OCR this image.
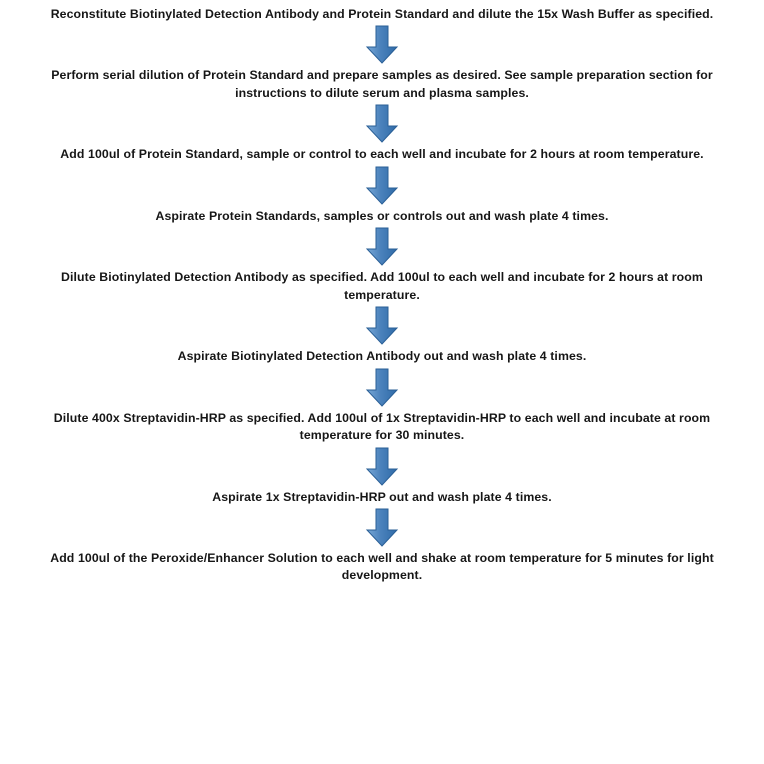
Reconstitute Biotinylated Detection Antibody and Protein Standard and dilute the 15x Wash Buffer as specified.
Perform serial dilution of Protein Standard and prepare samples as desired. See sample preparation section for instructions to dilute serum and plasma samples.
Add 100ul of Protein Standard, sample or control to each well and incubate for 2 hours at room temperature.
Aspirate Protein Standards, samples or controls out and wash plate 4 times.
Dilute Biotinylated Detection Antibody as specified. Add 100ul to each well and incubate for 2 hours at room temperature.
Aspirate Biotinylated Detection Antibody out and wash plate 4 times.
Dilute 400x Streptavidin-HRP as specified. Add 100ul of 1x Streptavidin-HRP to each well and incubate at room temperature for 30 minutes.
Aspirate 1x Streptavidin-HRP out and wash plate 4 times.
Add 100ul of the Peroxide/Enhancer Solution to each well and shake at room temperature for 5 minutes for light development.
